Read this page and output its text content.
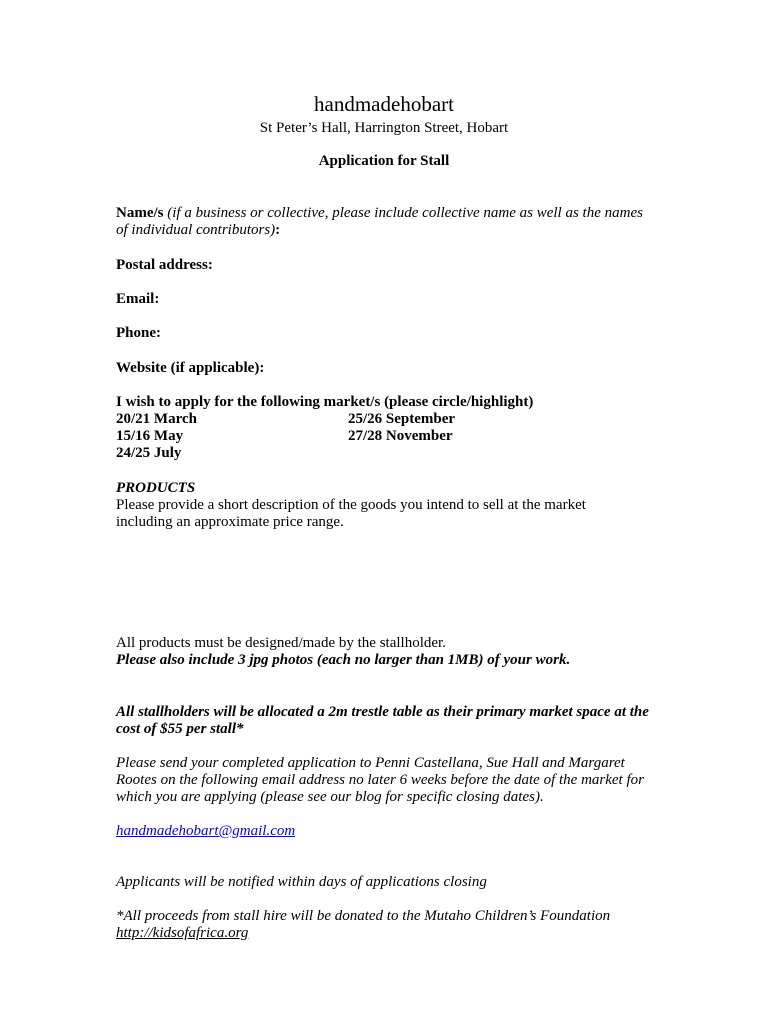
handmadehobart
St Peter’s Hall, Harrington Street, Hobart
Application for Stall
Name/s (if a business or collective, please include collective name as well as the names of individual contributors):
Postal address:
Email:
Phone:
Website (if applicable):
I wish to apply for the following market/s (please circle/highlight)
20/21 March
15/16 May
24/25 July
25/26 September
27/28 November
PRODUCTS
Please provide a short description of the goods you intend to sell at the market including an approximate price range.
All products must be designed/made by the stallholder.
Please also include 3 jpg photos (each no larger than 1MB) of your work.
All stallholders will be allocated a 2m trestle table as their primary market space at the cost of $55 per stall*
Please send your completed application to Penni Castellana, Sue Hall and Margaret Rootes on the following email address no later 6 weeks before the date of the market for which you are applying (please see our blog for specific closing dates).
handmadehobart@gmail.com
Applicants will be notified within days of applications closing
*All proceeds from stall hire will be donated to the Mutaho Children’s Foundation
http://kidsofafrica.org
